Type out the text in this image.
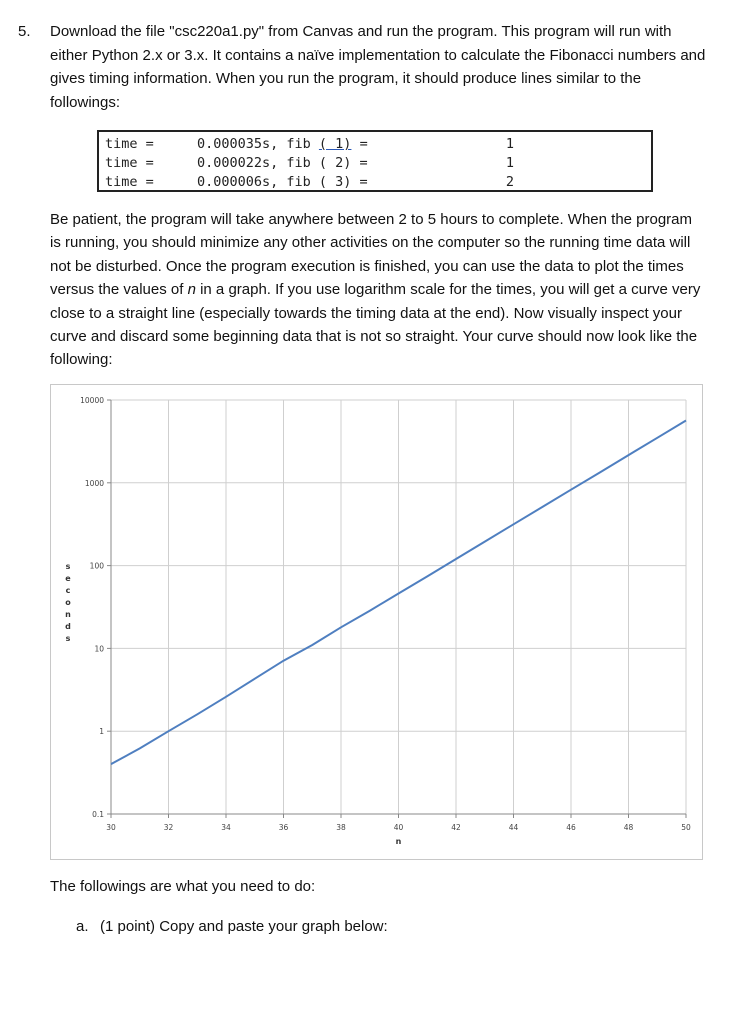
5. Download the file "csc220a1.py" from Canvas and run the program. This program will run with either Python 2.x or 3.x. It contains a naïve implementation to calculate the Fibonacci numbers and gives timing information. When you run the program, it should produce lines similar to the followings:
time =	0.000035s, fib ( 1) =	1
time =	0.000022s, fib ( 2) =	1
time =	0.000006s, fib ( 3) =	2
Be patient, the program will take anywhere between 2 to 5 hours to complete. When the program is running, you should minimize any other activities on the computer so the running time data will not be disturbed. Once the program execution is finished, you can use the data to plot the times versus the values of n in a graph. If you use logarithm scale for the times, you will get a curve very close to a straight line (especially towards the timing data at the end). Now visually inspect your curve and discard some beginning data that is not so straight. Your curve should now look like the following:
30	32	34	36	38	40	42	44	46	48	50
0.1
1
10
100
1000
10000
n
s
e
c
o
n
d
s
The followings are what you need to do:
a. (1 point) Copy and paste your graph below:
